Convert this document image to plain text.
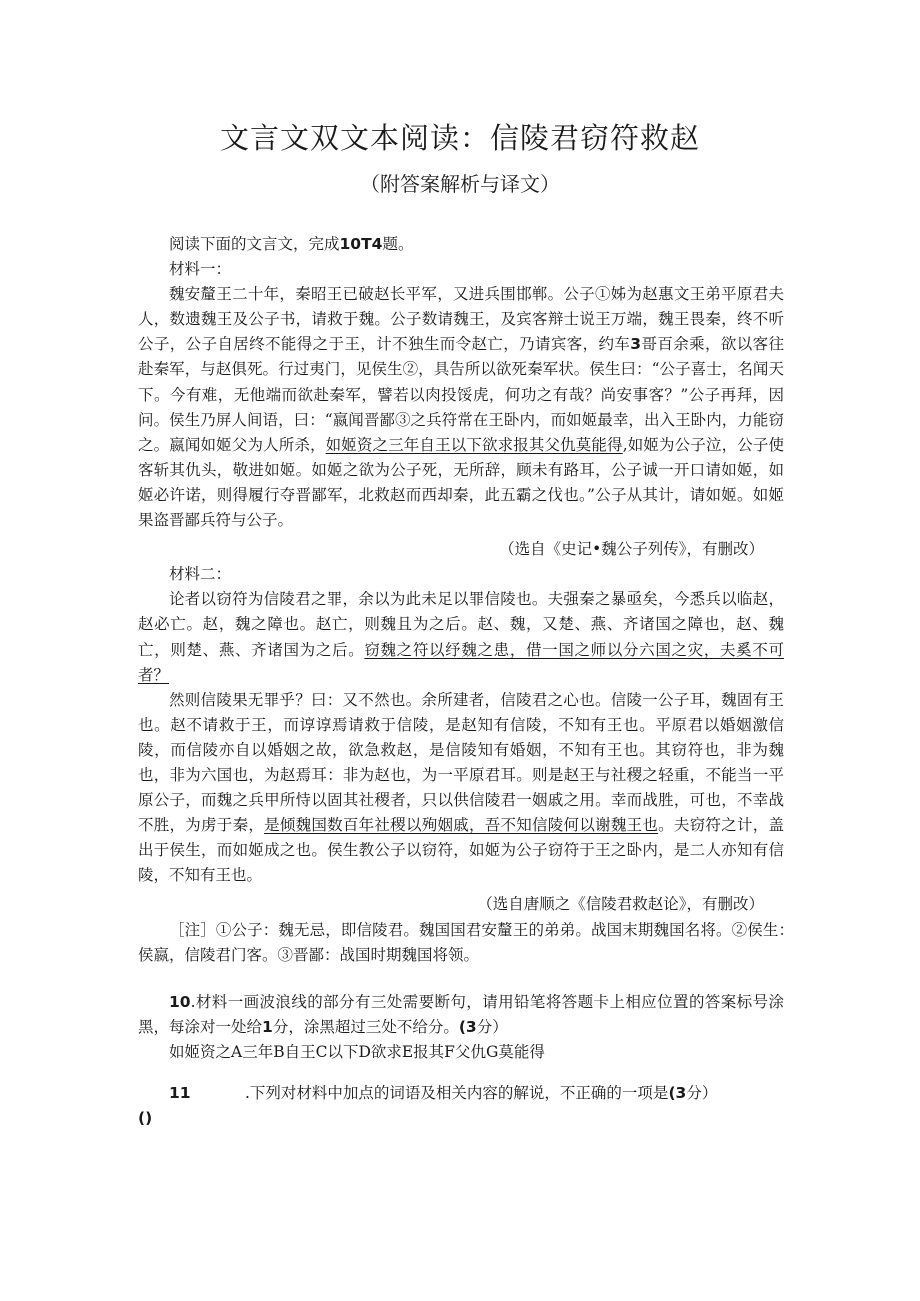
文言文双文本阅读：信陵君窃符救赵
（附答案解析与译文）

阅读下面的文言文，完成10T4题。

材料一：

魏安釐王二十年，秦昭王已破赵长平军，又进兵围邯郸。公子①姊为赵惠文王弟平原君夫人，数遗魏王及公子书，请救于魏。公子数请魏王，及宾客辩士说王万端，魏王畏秦，终不听公子，公子自居终不能得之于王，计不独生而令赵亡，乃请宾客，约车3哥百余乘，欲以客往赴秦军，与赵俱死。行过夷门，见侯生②，具告所以欲死秦军状。侯生曰：“公子喜士，名闻天下。今有难，无他端而欲赴秦军，譬若以肉投馁虎，何功之有哉？尚安事客？”公子再拜，因问。侯生乃屏人间语，曰：“嬴闻晋鄙③之兵符常在王卧内，而如姬最幸，出入王卧内，力能窃之。嬴闻如姬父为人所杀，如姬资之三年自王以下欲求报其父仇莫能得,如姬为公子泣，公子使客斩其仇头，敬进如姬。如姬之欲为公子死，无所辞，顾未有路耳，公子诚一开口请如姬，如姬必许诺，则得履行夺晋鄙军，北救赵而西却秦，此五霸之伐也。”公子从其计，请如姬。如姬果盗晋鄙兵符与公子。

（选自《史记•魏公子列传》，有删改）

材料二：

论者以窃符为信陵君之罪，余以为此未足以罪信陵也。夫强秦之暴亟矣，今悉兵以临赵，赵必亡。赵，魏之障也。赵亡，则魏且为之后。赵、魏，又楚、燕、齐诸国之障也，赵、魏亡，则楚、燕、齐诸国为之后。窃魏之符以纾魏之患，借一国之师以分六国之灾，夫奚不可者？

然则信陵果无罪乎？曰：又不然也。余所建者，信陵君之心也。信陵一公子耳，魏固有王也。赵不请救于王，而谆谆焉请救于信陵，是赵知有信陵，不知有王也。平原君以婚姻激信陵，而信陵亦自以婚姻之故，欲急救赵，是信陵知有婚姻，不知有王也。其窃符也，非为魏也，非为六国也，为赵焉耳：非为赵也，为一平原君耳。则是赵王与社稷之轻重，不能当一平原公子，而魏之兵甲所恃以固其社稷者，只以供信陵君一姻戚之用。幸而战胜，可也，不幸战不胜，为虏于秦，是倾魏国数百年社稷以殉姻戚，吾不知信陵何以谢魏王也。夫窃符之计，盖出于侯生，而如姬成之也。侯生教公子以窃符，如姬为公子窃符于王之卧内，是二人亦知有信陵，不知有王也。

（选自唐顺之《信陵君救赵论》，有删改）

［注］①公子：魏无忌，即信陵君。魏国国君安釐王的弟弟。战国末期魏国名将。②侯生：侯嬴，信陵君门客。③晋鄙：战国时期魏国将领。

10.材料一画波浪线的部分有三处需要断句，请用铅笔将答题卡上相应位置的答案标号涂黑，每涂对一处给1分，涂黑超过三处不给分。(3分）

如姬资之A三年B自王C以下D欲求E报其F父仇G莫能得

11	.下列对材料中加点的词语及相关内容的解说，不正确的一项是(3分）

()
